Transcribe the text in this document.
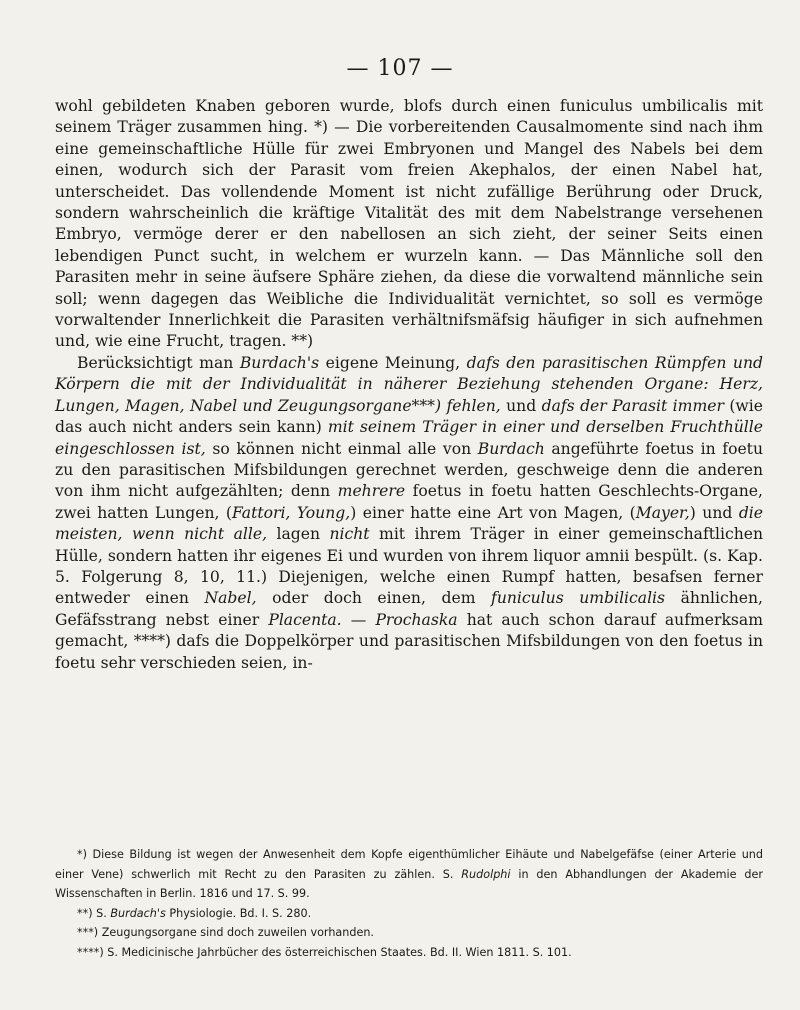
— 107 —

wohl gebildeten Knaben geboren wurde, blofs durch einen funiculus umbilicalis mit seinem Träger zusammen hing. *) — Die vorbereitenden Causalmomente sind nach ihm eine gemeinschaftliche Hülle für zwei Embryonen und Mangel des Nabels bei dem einen, wodurch sich der Parasit vom freien Akephalos, der einen Nabel hat, unterscheidet. Das vollendende Moment ist nicht zufällige Berührung oder Druck, sondern wahrscheinlich die kräftige Vitalität des mit dem Nabelstrange versehenen Embryo, vermöge derer er den nabellosen an sich zieht, der seiner Seits einen lebendigen Punct sucht, in welchem er wurzeln kann. — Das Männliche soll den Parasiten mehr in seine äufsere Sphäre ziehen, da diese die vorwaltend männliche sein soll; wenn dagegen das Weibliche die Individualität vernichtet, so soll es vermöge vorwaltender Innerlichkeit die Parasiten verhältnifsmäfsig häufiger in sich aufnehmen und, wie eine Frucht, tragen. **)

Berücksichtigt man Burdach's eigene Meinung, dafs den parasitischen Rümpfen und Körpern die mit der Individualität in näherer Beziehung stehenden Organe: Herz, Lungen, Magen, Nabel und Zeugungsorgane***) fehlen, und dafs der Parasit immer (wie das auch nicht anders sein kann) mit seinem Träger in einer und derselben Fruchthülle eingeschlossen ist, so können nicht einmal alle von Burdach angeführte foetus in foetu zu den parasitischen Mifsbildungen gerechnet werden, geschweige denn die anderen von ihm nicht aufgezählten; denn mehrere foetus in foetu hatten Geschlechts-Organe, zwei hatten Lungen, (Fattori, Young,) einer hatte eine Art von Magen, (Mayer,) und die meisten, wenn nicht alle, lagen nicht mit ihrem Träger in einer gemeinschaftlichen Hülle, sondern hatten ihr eigenes Ei und wurden von ihrem liquor amnii bespült. (s. Kap. 5. Folgerung 8, 10, 11.) Diejenigen, welche einen Rumpf hatten, besafsen ferner entweder einen Nabel, oder doch einen, dem funiculus umbilicalis ähnlichen, Gefäfsstrang nebst einer Placenta. — Prochaska hat auch schon darauf aufmerksam gemacht, ****) dafs die Doppelkörper und parasitischen Mifsbildungen von den foetus in foetu sehr verschieden seien, in-

*) Diese Bildung ist wegen der Anwesenheit dem Kopfe eigenthümlicher Eihäute und Nabelgefäfse (einer Arterie und einer Vene) schwerlich mit Recht zu den Parasiten zu zählen. S. Rudolphi in den Abhandlungen der Akademie der Wissenschaften in Berlin. 1816 und 17. S. 99.

**) S. Burdach's Physiologie. Bd. I. S. 280.

***) Zeugungsorgane sind doch zuweilen vorhanden.

****) S. Medicinische Jahrbücher des österreichischen Staates. Bd. II. Wien 1811. S. 101.
